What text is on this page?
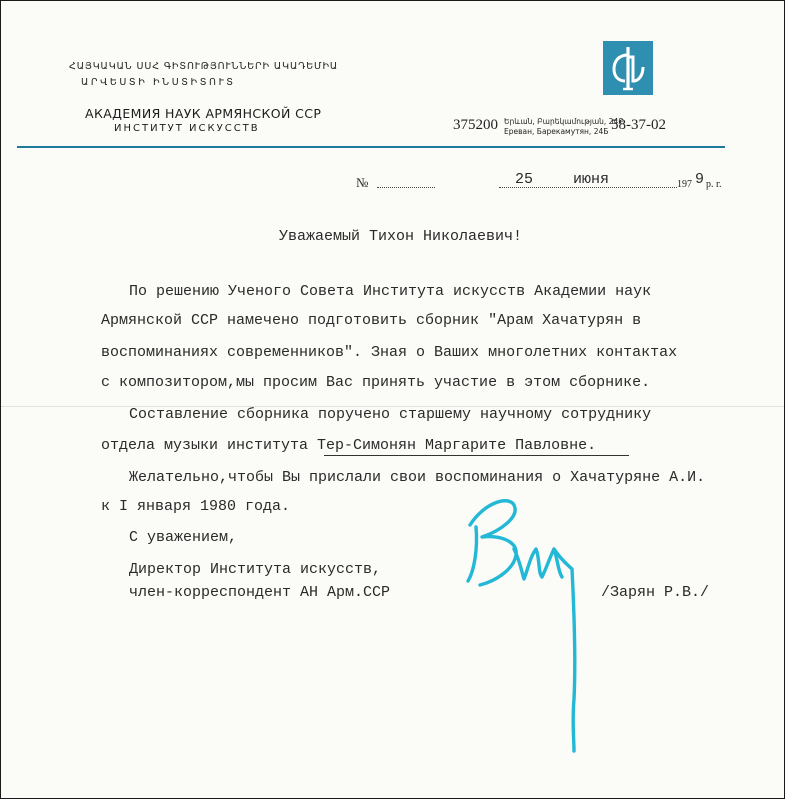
ՀԱՅԿԱԿԱՆ ՍՍՀ ԳԻՏՈՒԹՅՈՒՆՆԵՐԻ ԱԿԱԴԵՄԻԱ
ԱՐՎԵՍՏԻ ԻՆՍՏԻՏՈՒՏ
АКАДЕМИЯ НАУК АРМЯНСКОЙ ССР
ИНСТИТУТ ИСКУССТВ	375200 Երևան, Բարեկամության, 24Բ
Ереван, Барекамутян, 24Б 58-37-02
№	25	июня	197 9 р. г.
Уважаемый Тихон Николаевич!
По решению Ученого Совета Института искусств Академии наук
Армянской ССР намечено подготовить сборник "Арам Хачатурян в
воспоминаниях современников". Зная о Ваших многолетних контактах
с композитором,мы просим Вас принять участие в этом сборнике.
Составление сборника поручено старшему научному сотруднику
отдела музыки института Тер-Симонян Маргарите Павловне.
Желательно,чтобы Вы прислали свои воспоминания о Хачатуряне А.И.
к I января 1980 года.
С уважением,
Директор Института искусств,
член-корреспондент АН Арм.ССР	/Зарян Р.В./
